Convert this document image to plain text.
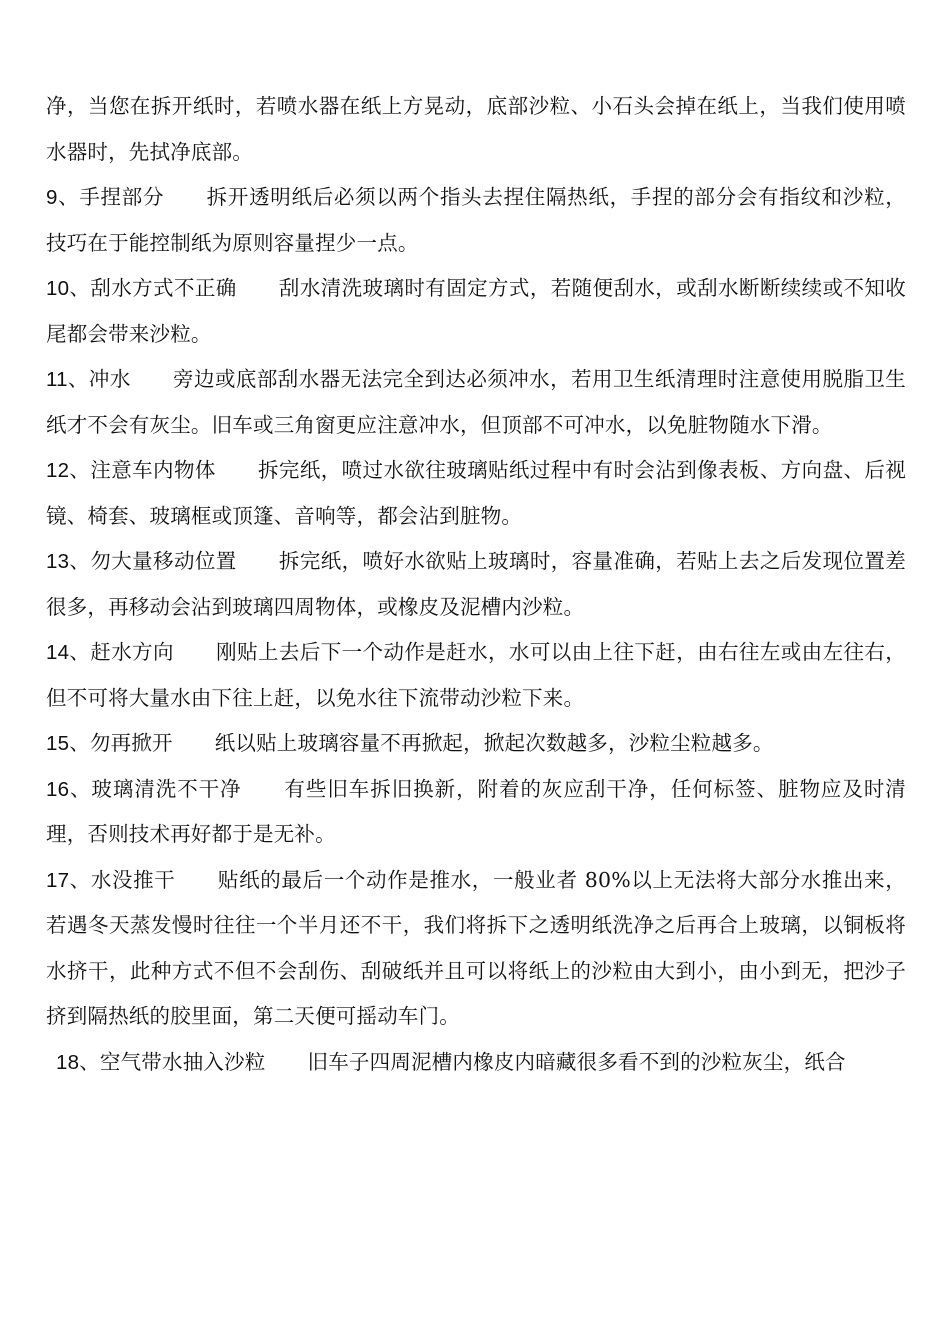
净，当您在拆开纸时，若喷水器在纸上方晃动，底部沙粒、小石头会掉在纸上，当我们使用喷水器时，先拭净底部。

9、手捏部分 拆开透明纸后必须以两个指头去捏住隔热纸，手捏的部分会有指纹和沙粒，技巧在于能控制纸为原则容量捏少一点。

10、刮水方式不正确 刮水清洗玻璃时有固定方式，若随便刮水，或刮水断断续续或不知收尾都会带来沙粒。

11、冲水 旁边或底部刮水器无法完全到达必须冲水，若用卫生纸清理时注意使用脱脂卫生纸才不会有灰尘。旧车或三角窗更应注意冲水，但顶部不可冲水，以免脏物随水下滑。

12、注意车内物体 拆完纸，喷过水欲往玻璃贴纸过程中有时会沾到像表板、方向盘、后视镜、椅套、玻璃框或顶篷、音响等，都会沾到脏物。

13、勿大量移动位置 拆完纸，喷好水欲贴上玻璃时，容量准确，若贴上去之后发现位置差很多，再移动会沾到玻璃四周物体，或橡皮及泥槽内沙粒。

14、赶水方向 刚贴上去后下一个动作是赶水，水可以由上往下赶，由右往左或由左往右，但不可将大量水由下往上赶，以免水往下流带动沙粒下来。

15、勿再掀开 纸以贴上玻璃容量不再掀起，掀起次数越多，沙粒尘粒越多。

16、玻璃清洗不干净 有些旧车拆旧换新，附着的灰应刮干净，任何标签、脏物应及时清理，否则技术再好都于是无补。

17、水没推干 贴纸的最后一个动作是推水，一般业者 80%以上无法将大部分水推出来，若遇冬天蒸发慢时往往一个半月还不干，我们将拆下之透明纸洗净之后再合上玻璃，以铜板将水挤干，此种方式不但不会刮伤、刮破纸并且可以将纸上的沙粒由大到小，由小到无，把沙子挤到隔热纸的胶里面，第二天便可摇动车门。

18、空气带水抽入沙粒 旧车子四周泥槽内橡皮内暗藏很多看不到的沙粒灰尘，纸合
